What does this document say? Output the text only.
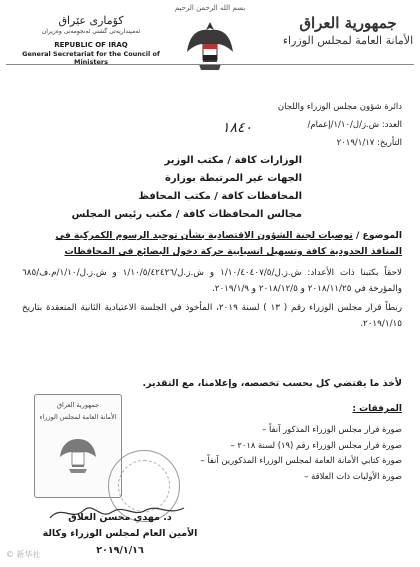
بسم الله الرحمن الرحيم
كۆمارى عێراق
ئەمینداریەتى گشتى ئەنجومەنى وەزیران
REPUBLIC OF IRAQ
General Secretariat for the Council of Ministers
جمهورية العراق
الأمانة العامة لمجلس الوزراء
دائرة شؤون مجلس الوزراء واللجان
العدد: ش.ز/ل/١/١٠/إعمام/
١٨٤٠
التأريخ: ٢٠١٩/١/١٧
الوزارات كافة / مكتب الوزير
الجهات غير المرتبطة بوزارة
المحافظات كافة / مكتب المحافظ
مجالس المحافظات كافة / مكتب رئيس المجلس
الموضوع / توصيات لجنة الشؤون الاقتصادية بشأن توحيد الرسوم الكمركية في المنافذ الحدودية كافة وتسهيل انسيابية حركة دخول البضائع في المحافظات

لاحقاً بكتبنا ذات الأعداد: ش.ز.ل/١/١٠/٤٠٤٠٧/٥ و ش.ز.ل/١/١٠/٥/٤٢٤٢٦ و ش.ز.ل/١/١٠/م.ف/٦٨٥ والمؤرخة في ٢٠١٨/١١/٢٥ و ٢٠١٨/١٢/٥ و ٢٠١٩/١/٩.

ربطاً قرار مجلس الوزراء رقم ( ١٣ ) لسنة ٢٠١٩، المأخوذ في الجلسة الاعتيادية الثانية المنعقدة بتاريخ ٢٠١٩/١/١٥.

لأخذ ما يقتضي كل بحسب تخصصه، وإعلامنا، مع التقدير.
المرفقات :
صورة قرار مجلس الوزراء المذكور آنفاً –
صورة قرار مجلس الوزراء رقم (١٩) لسنة ٢٠١٨ –
صورة كتابي الأمانة العامة لمجلس الوزراء المذكورين آنفاً –
صورة الأوليات ذات العلاقة –
جمهورية العراق
الأمانة العامة لمجلس الوزراء
د. مهدي محسن العلاق
الأمين العام لمجلس الوزراء وكالة
٢٠١٩/١/١٦
© 新华社
